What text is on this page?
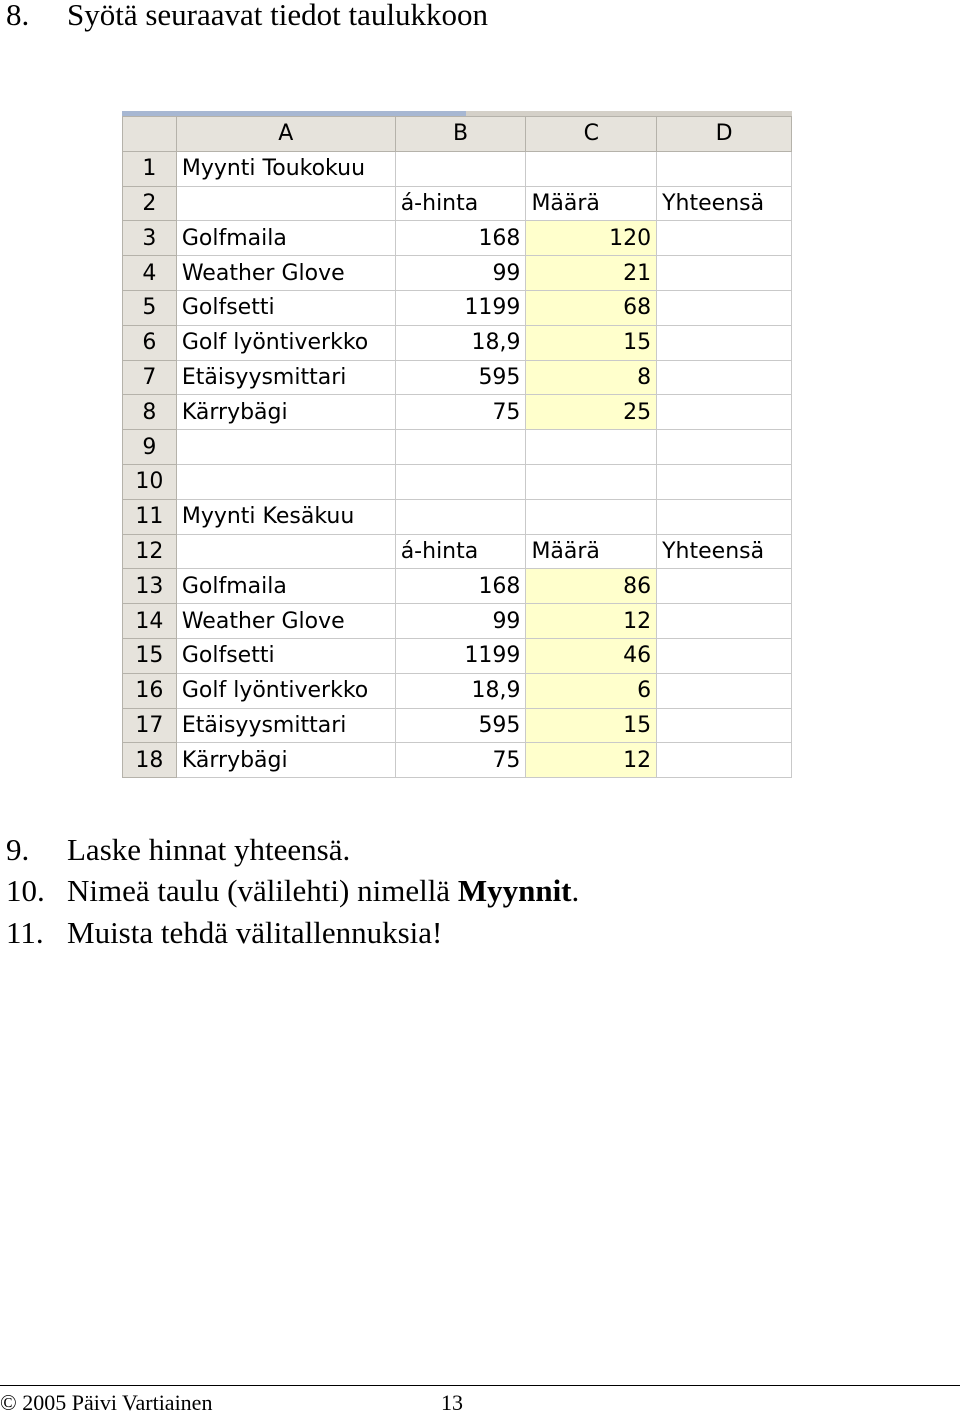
8. Syötä seuraavat tiedot taulukkoon
	A	B	C	D
1	Myynti Toukokuu			
2		á-hinta	Määrä	Yhteensä
3	Golfmaila	168	120	
4	Weather Glove	99	21	
5	Golfsetti	1199	68	
6	Golf lyöntiverkko	18,9	15	
7	Etäisyysmittari	595	8	
8	Kärrybägi	75	25	
9				
10				
11	Myynti Kesäkuu			
12		á-hinta	Määrä	Yhteensä
13	Golfmaila	168	86	
14	Weather Glove	99	12	
15	Golfsetti	1199	46	
16	Golf lyöntiverkko	18,9	6	
17	Etäisyysmittari	595	15	
18	Kärrybägi	75	12	
9. Laske hinnat yhteensä.
10. Nimeä taulu (välilehti) nimellä Myynnit.
11. Muista tehdä välitallennuksia!
© 2005 Päivi Vartiainen	13
